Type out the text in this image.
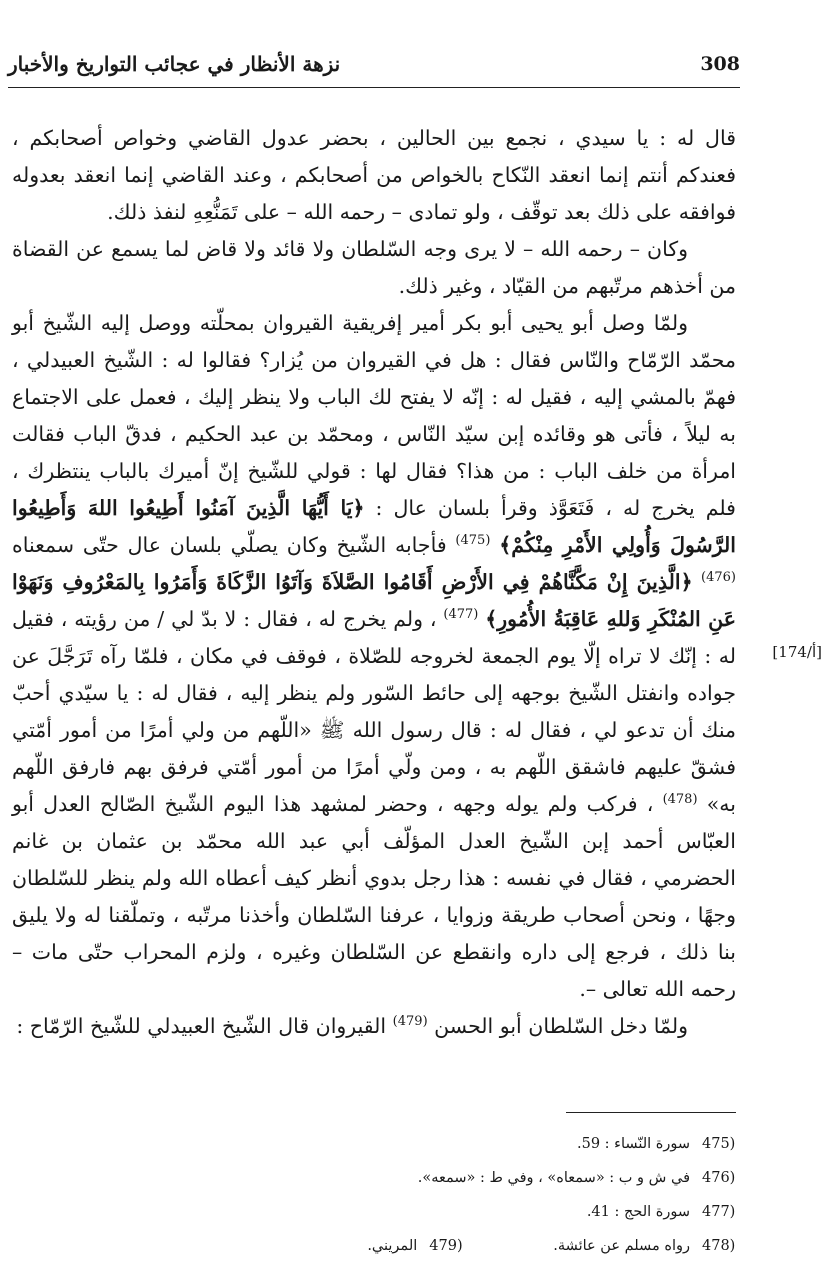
308
نزهة الأنظار في عجائب التواريخ والأخبار
[174/أ]

قال له : يا سيدي ، نجمع بين الحالين ، بحضر عدول القاضي وخواص أصحابكم ، فعندكم أنتم إنما انعقد النّكاح بالخواص من أصحابكم ، وعند القاضي إنما انعقد بعدوله فوافقه على ذلك بعد توقّف ، ولو تمادى – رحمه الله – على تَمَنُّعِهِ لنفذ ذلك.

وكان – رحمه الله – لا يرى وجه السّلطان ولا قائد ولا قاض لما يسمع عن القضاة من أخذهم مرتّبهم من القيّاد ، وغير ذلك.

ولمّا وصل أبو يحيى أبو بكر أمير إفريقية القيروان بمحلّته ووصل إليه الشّيخ أبو محمّد الرّمّاح والنّاس فقال : هل في القيروان من يُزار؟ فقالوا له : الشّيخ العبيدلي ، فهمّ بالمشي إليه ، فقيل له : إنّه لا يفتح لك الباب ولا ينظر إليك ، فعمل على الاجتماع به ليلاً ، فأتى هو وقائده إبن سيّد النّاس ، ومحمّد بن عبد الحكيم ، فدقّ الباب فقالت امرأة من خلف الباب : من هذا؟ فقال لها : قولي للشّيخ إنّ أميرك بالباب ينتظرك ، فلم يخرج له ، فَتَعَوَّذ وقرأ بلسان عال : ﴿يَا أَيُّهَا الَّذِينَ آمَنُوا أَطِيعُوا اللهَ وَأَطِيعُوا الرَّسُولَ وَأُولِي الأَمْرِ مِنْكُمْ﴾ $^{(475)}$ فأجابه الشّيخ وكان يصلّي بلسان عال حتّى سمعناه $^{(476)}$ ﴿الَّذِينَ إِنْ مَكَّنَّاهُمْ فِي الأَرْضِ أَقَامُوا الصَّلاَةَ وَآتَوُا الزَّكَاةَ وَأَمَرُوا بِالمَعْرُوفِ وَنَهَوْا عَنِ المُنْكَرِ وَللهِ عَاقِبَةُ الأُمُورِ﴾ $^{(477)}$ ، ولم يخرج له ، فقال : لا بدّ لي / من رؤيته ، فقيل له : إنّك لا تراه إلّا يوم الجمعة لخروجه للصّلاة ، فوقف في مكان ، فلمّا رآه تَرَجَّلَ عن جواده وانفتل الشّيخ بوجهه إلى حائط السّور ولم ينظر إليه ، فقال له : يا سيّدي أحبّ منك أن تدعو لي ، فقال له : قال رسول الله ﷺ «اللّهم من ولي أمرًا من أمور أمّتي فشقّ عليهم فاشقق اللّهم به ، ومن ولّي أمرًا من أمور أمّتي فرفق بهم فارفق اللّهم به» $^{(478)}$ ، فركب ولم يوله وجهه ، وحضر لمشهد هذا اليوم الشّيخ الصّالح العدل أبو العبّاس أحمد إبن الشّيخ العدل المؤلّف أبي عبد الله محمّد بن عثمان بن غانم الحضرمي ، فقال في نفسه : هذا رجل بدوي أنظر كيف أعطاه الله ولم ينظر للسّلطان وجهًا ، ونحن أصحاب طريقة وزوايا ، عرفنا السّلطان وأخذنا مرتّبه ، وتملّقنا له ولا يليق بنا ذلك ، فرجع إلى داره وانقطع عن السّلطان وغيره ، ولزم المحراب حتّى مات – رحمه الله تعالى –.

ولمّا دخل السّلطان أبو الحسن $^{(479)}$ القيروان قال الشّيخ العبيدلي للشّيخ الرّمّاح :

475)
سورة النّساء : 59.
476)
في ش و ب : «سمعاه» ، وفي ط : «سمعه».
477)
سورة الحج : 41.
478)
رواه مسلم عن عائشة.
479)
المريني.
